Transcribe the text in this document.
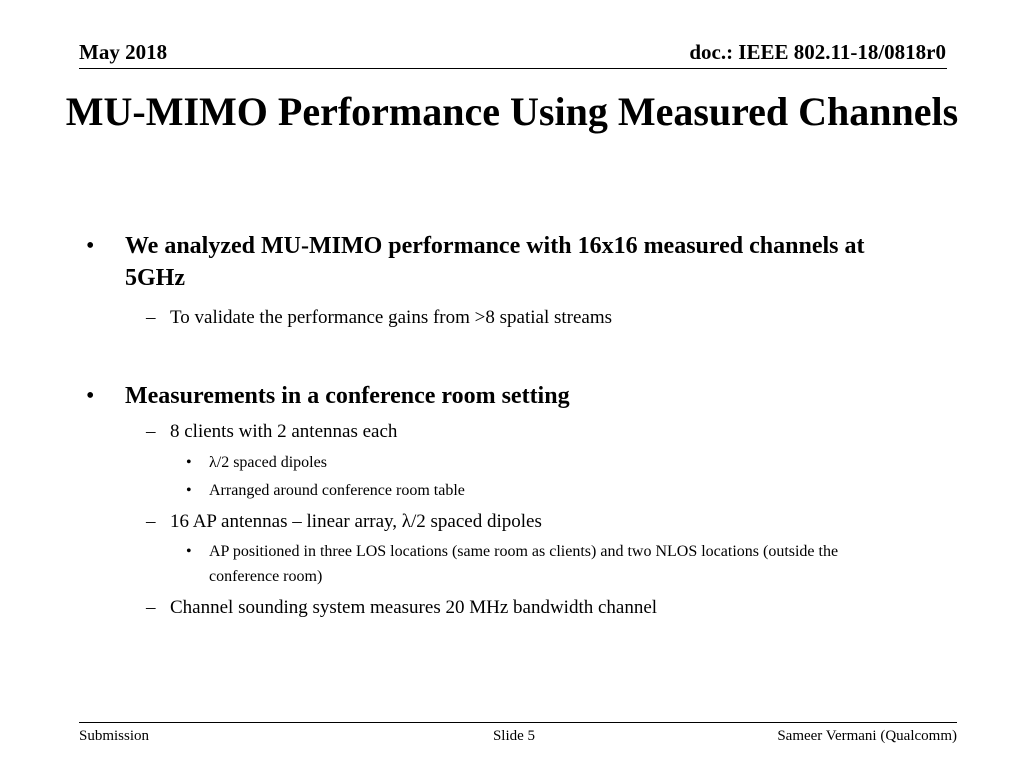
May 2018	doc.: IEEE 802.11-18/0818r0
MU-MIMO Performance Using Measured Channels
• We analyzed MU-MIMO performance with 16x16 measured channels at 5GHz
– To validate the performance gains from >8 spatial streams
• Measurements in a conference room setting
– 8 clients with 2 antennas each
• λ/2 spaced dipoles
• Arranged around conference room table
– 16 AP antennas – linear array, λ/2 spaced dipoles
• AP positioned in three LOS locations (same room as clients) and two NLOS locations (outside the conference room)
– Channel sounding system measures 20 MHz bandwidth channel
Submission	Slide 5	Sameer Vermani (Qualcomm)
